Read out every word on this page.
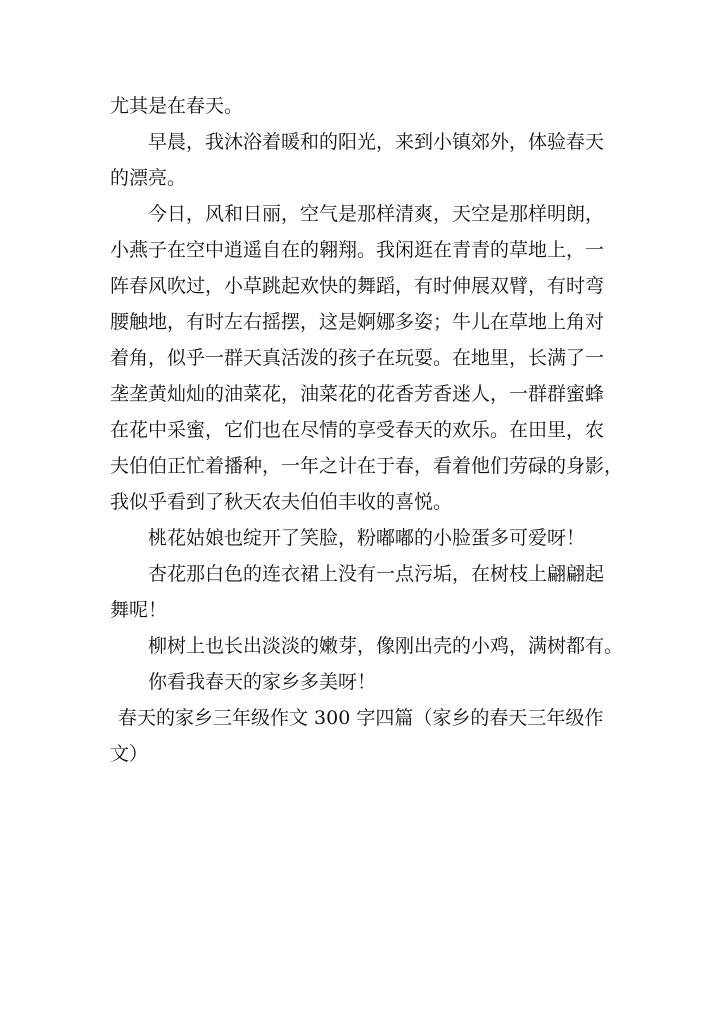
尤其是在春天。

早晨，我沐浴着暖和的阳光，来到小镇郊外，体验春天

的漂亮。

今日，风和日丽，空气是那样清爽，天空是那样明朗，

小燕子在空中逍遥自在的翱翔。我闲逛在青青的草地上，一

阵春风吹过，小草跳起欢快的舞蹈，有时伸展双臂，有时弯

腰触地，有时左右摇摆，这是婀娜多姿；牛儿在草地上角对

着角，似乎一群天真活泼的孩子在玩耍。在地里，长满了一

垄垄黄灿灿的油菜花，油菜花的花香芳香迷人，一群群蜜蜂

在花中采蜜，它们也在尽情的享受春天的欢乐。在田里，农

夫伯伯正忙着播种，一年之计在于春，看着他们劳碌的身影，

我似乎看到了秋天农夫伯伯丰收的喜悦。

桃花姑娘也绽开了笑脸，粉嘟嘟的小脸蛋多可爱呀！

杏花那白色的连衣裙上没有一点污垢，在树枝上翩翩起

舞呢！

柳树上也长出淡淡的嫩芽，像刚出壳的小鸡，满树都有。

你看我春天的家乡多美呀！

春天的家乡三年级作文 300 字四篇（家乡的春天三年级作

文）
